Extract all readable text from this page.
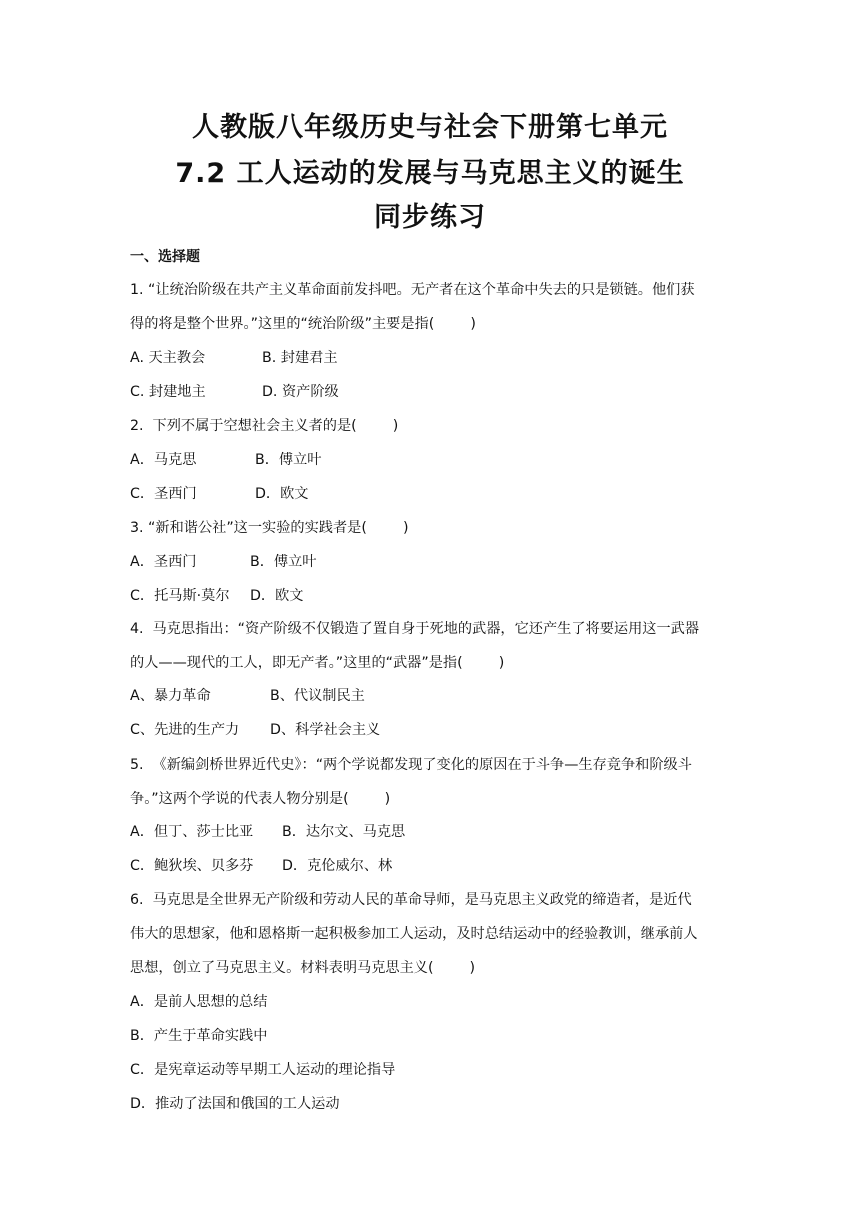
人教版八年级历史与社会下册第七单元
7.2 工人运动的发展与马克思主义的诞生
同步练习
一、选择题
1. “让统治阶级在共产主义革命面前发抖吧。无产者在这个革命中失去的只是锁链。他们获
得的将是整个世界。”这里的“统治阶级”主要是指(        )
A. 天主教会	B. 封建君主
C. 封建地主	D. 资产阶级
2.  下列不属于空想社会主义者的是(        )
A．马克思	B．傅立叶
C．圣西门	D．欧文
3. “新和谐公社”这一实验的实践者是(        )
A．圣西门	B．傅立叶
C．托马斯·莫尔 D．欧文
4.  马克思指出：“资产阶级不仅锻造了置自身于死地的武器，它还产生了将要运用这一武器
的人——现代的工人，即无产者。”这里的“武器”是指(        )
A、暴力革命	B、代议制民主
C、先进的生产力 D、科学社会主义
5.  《新编剑桥世界近代史》：“两个学说都发现了变化的原因在于斗争—生存竞争和阶级斗
争。”这两个学说的代表人物分别是(        )
A．但丁、莎士比亚 B．达尔文、马克思
C．鲍狄埃、贝多芬 D．克伦威尔、林
6.  马克思是全世界无产阶级和劳动人民的革命导师，是马克思主义政党的缔造者，是近代
伟大的思想家，他和恩格斯一起积极参加工人运动，及时总结运动中的经验教训，继承前人
思想，创立了马克思主义。材料表明马克思主义(        )
A．是前人思想的总结
B．产生于革命实践中
C．是宪章运动等早期工人运动的理论指导
D．推动了法国和俄国的工人运动
